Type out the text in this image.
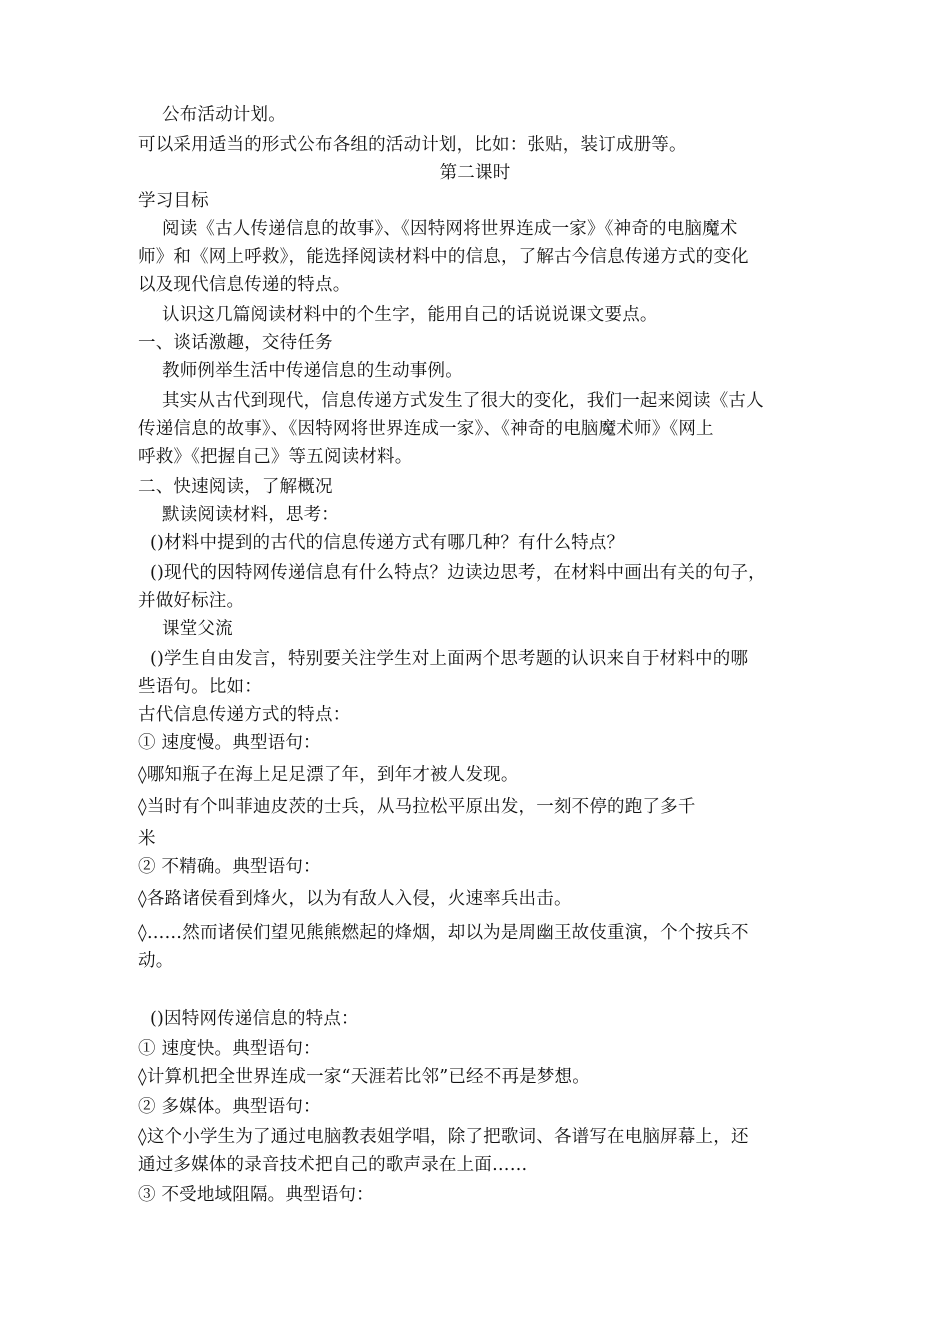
公布活动计划。
可以采用适当的形式公布各组的活动计划，比如：张贴，装订成册等。
第二课时
学习目标
阅读《古人传递信息的故事》、《因特网将世界连成一家》《神奇的电脑魔术
师》和《网上呼救》，能选择阅读材料中的信息，了解古今信息传递方式的变化
以及现代信息传递的特点。
认识这几篇阅读材料中的个生字，能用自己的话说说课文要点。
一、谈话激趣，交待任务
教师例举生活中传递信息的生动事例。
其实从古代到现代，信息传递方式发生了很大的变化，我们一起来阅读《古人
传递信息的故事》、《因特网将世界连成一家》、《神奇的电脑魔术师》《网上
呼救》《把握自己》等五阅读材料。
二、快速阅读，了解概况
默读阅读材料，思考：
()材料中提到的古代的信息传递方式有哪几种？有什么特点？
()现代的因特网传递信息有什么特点？边读边思考，在材料中画出有关的句子，
并做好标注。
课堂父流
()学生自由发言，特别要关注学生对上面两个思考题的认识来自于材料中的哪
些语句。比如：
古代信息传递方式的特点：
① 速度慢。典型语句：
◊哪知瓶子在海上足足漂了年，到年才被人发现。
◊当时有个叫菲迪皮茨的士兵，从马拉松平原出发，一刻不停的跑了多千
米
② 不精确。典型语句：
◊各路诸侯看到烽火，以为有敌人入侵，火速率兵出击。
◊……然而诸侯们望见熊熊燃起的烽烟，却以为是周幽王故伎重演，个个按兵不
动。
()因特网传递信息的特点：
① 速度快。典型语句：
◊计算机把全世界连成一家“天涯若比邻”已经不再是梦想。
② 多媒体。典型语句：
◊这个小学生为了通过电脑教表姐学唱，除了把歌词、各谱写在电脑屏幕上，还
通过多媒体的录音技术把自己的歌声录在上面……
③ 不受地域阻隔。典型语句：
